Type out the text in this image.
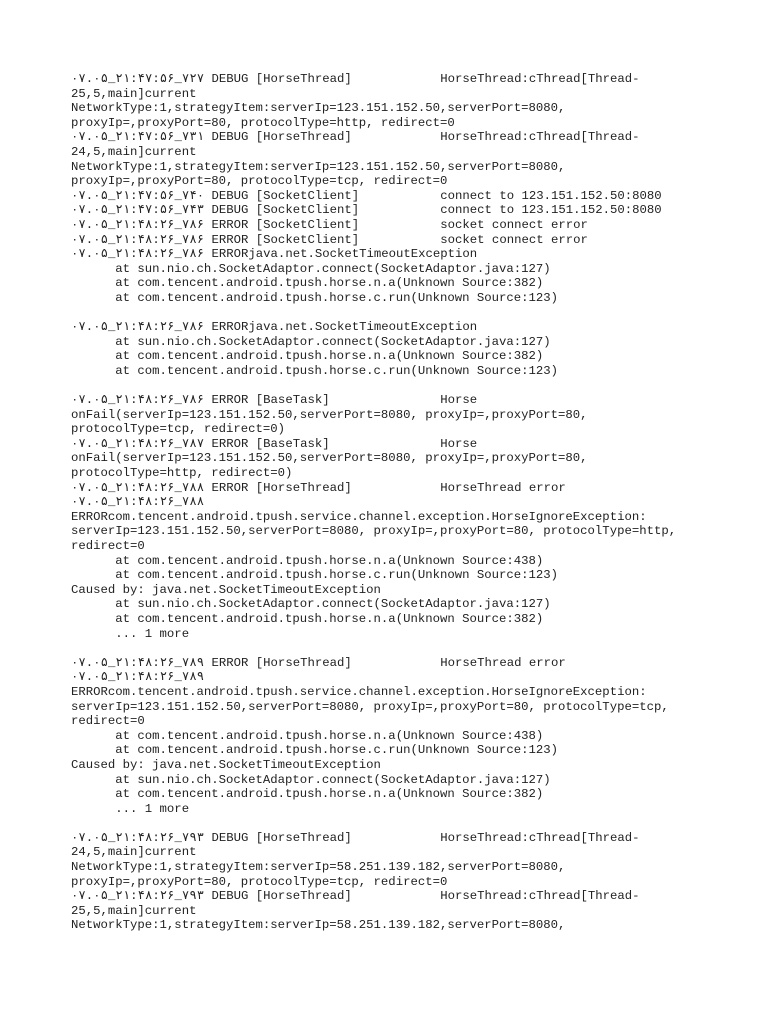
۰۷.۰۵_۲۱:۴۷:۵۶_۷۲۷ DEBUG [HorseThread]            HorseThread:cThread[Thread-
25,5,main]current
NetworkType:1,strategyItem:serverIp=123.151.152.50,serverPort=8080,
proxyIp=,proxyPort=80, protocolType=http, redirect=0
۰۷.۰۵_۲۱:۴۷:۵۶_۷۳۱ DEBUG [HorseThread]            HorseThread:cThread[Thread-
24,5,main]current
NetworkType:1,strategyItem:serverIp=123.151.152.50,serverPort=8080,
proxyIp=,proxyPort=80, protocolType=tcp, redirect=0
۰۷.۰۵_۲۱:۴۷:۵۶_۷۴۰ DEBUG [SocketClient]           connect to 123.151.152.50:8080
۰۷.۰۵_۲۱:۴۷:۵۶_۷۴۳ DEBUG [SocketClient]           connect to 123.151.152.50:8080
۰۷.۰۵_۲۱:۴۸:۲۶_۷۸۶ ERROR [SocketClient]           socket connect error
۰۷.۰۵_۲۱:۴۸:۲۶_۷۸۶ ERROR [SocketClient]           socket connect error
۰۷.۰۵_۲۱:۴۸:۲۶_۷۸۶ ERRORjava.net.SocketTimeoutException
at sun.nio.ch.SocketAdaptor.connect(SocketAdaptor.java:127)
at com.tencent.android.tpush.horse.n.a(Unknown Source:382)
at com.tencent.android.tpush.horse.c.run(Unknown Source:123)

۰۷.۰۵_۲۱:۴۸:۲۶_۷۸۶ ERRORjava.net.SocketTimeoutException
at sun.nio.ch.SocketAdaptor.connect(SocketAdaptor.java:127)
at com.tencent.android.tpush.horse.n.a(Unknown Source:382)
at com.tencent.android.tpush.horse.c.run(Unknown Source:123)

۰۷.۰۵_۲۱:۴۸:۲۶_۷۸۶ ERROR [BaseTask]               Horse
onFail(serverIp=123.151.152.50,serverPort=8080, proxyIp=,proxyPort=80,
protocolType=tcp, redirect=0)
۰۷.۰۵_۲۱:۴۸:۲۶_۷۸۷ ERROR [BaseTask]               Horse
onFail(serverIp=123.151.152.50,serverPort=8080, proxyIp=,proxyPort=80,
protocolType=http, redirect=0)
۰۷.۰۵_۲۱:۴۸:۲۶_۷۸۸ ERROR [HorseThread]            HorseThread error
۰۷.۰۵_۲۱:۴۸:۲۶_۷۸۸
ERRORcom.tencent.android.tpush.service.channel.exception.HorseIgnoreException:
serverIp=123.151.152.50,serverPort=8080, proxyIp=,proxyPort=80, protocolType=http,
redirect=0
at com.tencent.android.tpush.horse.n.a(Unknown Source:438)
at com.tencent.android.tpush.horse.c.run(Unknown Source:123)
Caused by: java.net.SocketTimeoutException
at sun.nio.ch.SocketAdaptor.connect(SocketAdaptor.java:127)
at com.tencent.android.tpush.horse.n.a(Unknown Source:382)
... 1 more

۰۷.۰۵_۲۱:۴۸:۲۶_۷۸۹ ERROR [HorseThread]            HorseThread error
۰۷.۰۵_۲۱:۴۸:۲۶_۷۸۹
ERRORcom.tencent.android.tpush.service.channel.exception.HorseIgnoreException:
serverIp=123.151.152.50,serverPort=8080, proxyIp=,proxyPort=80, protocolType=tcp,
redirect=0
at com.tencent.android.tpush.horse.n.a(Unknown Source:438)
at com.tencent.android.tpush.horse.c.run(Unknown Source:123)
Caused by: java.net.SocketTimeoutException
at sun.nio.ch.SocketAdaptor.connect(SocketAdaptor.java:127)
at com.tencent.android.tpush.horse.n.a(Unknown Source:382)
... 1 more

۰۷.۰۵_۲۱:۴۸:۲۶_۷۹۳ DEBUG [HorseThread]            HorseThread:cThread[Thread-
24,5,main]current
NetworkType:1,strategyItem:serverIp=58.251.139.182,serverPort=8080,
proxyIp=,proxyPort=80, protocolType=tcp, redirect=0
۰۷.۰۵_۲۱:۴۸:۲۶_۷۹۳ DEBUG [HorseThread]            HorseThread:cThread[Thread-
25,5,main]current
NetworkType:1,strategyItem:serverIp=58.251.139.182,serverPort=8080,
